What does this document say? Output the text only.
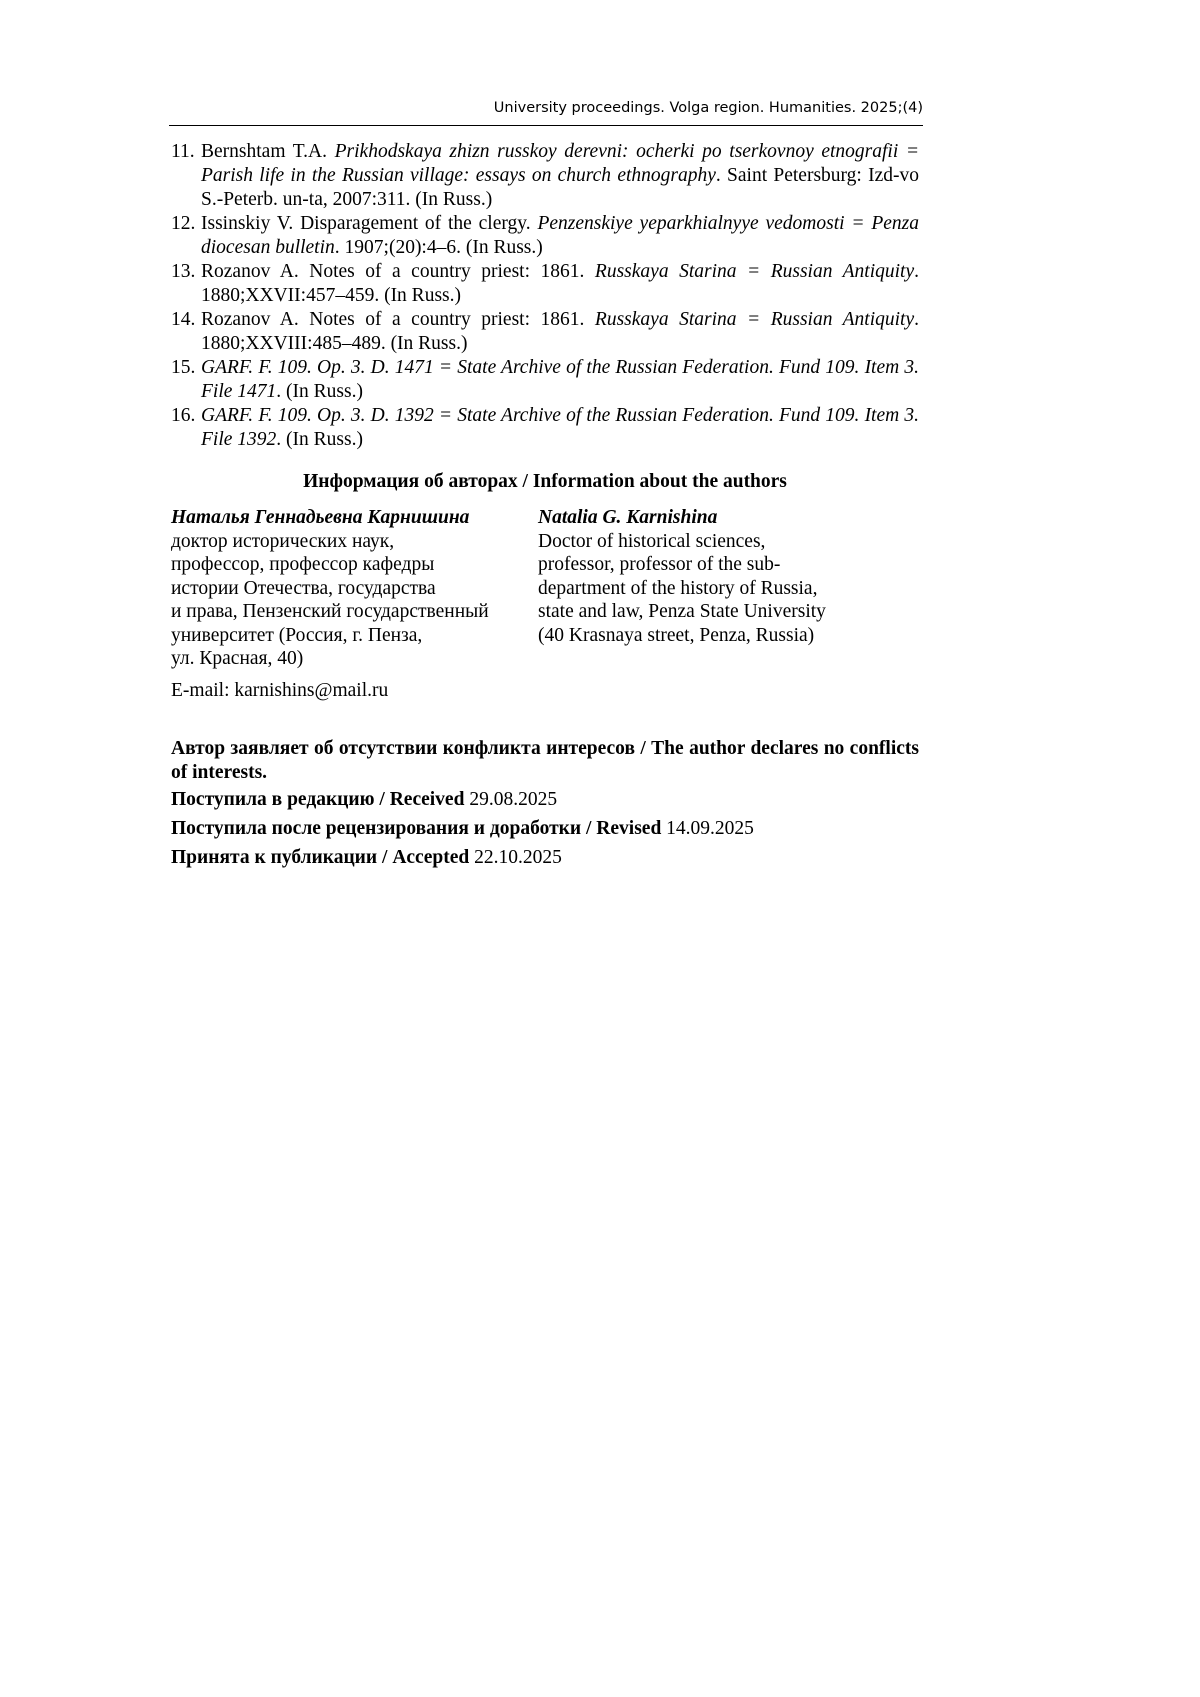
University proceedings. Volga region. Humanities. 2025;(4)
11. Bernshtam T.A. Prikhodskaya zhizn russkoy derevni: ocherki po tserkovnoy etnografii = Parish life in the Russian village: essays on church ethnography. Saint Petersburg: Izd-vo S.-Peterb. un-ta, 2007:311. (In Russ.)
12. Issinskiy V. Disparagement of the clergy. Penzenskiye yeparkhialnyye vedomosti = Penza diocesan bulletin. 1907;(20):4–6. (In Russ.)
13. Rozanov A. Notes of a country priest: 1861. Russkaya Starina = Russian Antiquity. 1880;XXVII:457–459. (In Russ.)
14. Rozanov A. Notes of a country priest: 1861. Russkaya Starina = Russian Antiquity. 1880;XXVIII:485–489. (In Russ.)
15. GARF. F. 109. Op. 3. D. 1471 = State Archive of the Russian Federation. Fund 109. Item 3. File 1471. (In Russ.)
16. GARF. F. 109. Op. 3. D. 1392 = State Archive of the Russian Federation. Fund 109. Item 3. File 1392. (In Russ.)
Информация об авторах / Information about the authors
Наталья Геннадьевна Карнишина
доктор исторических наук,
профессор, профессор кафедры
истории Отечества, государства
и права, Пензенский государственный
университет (Россия, г. Пенза,
ул. Красная, 40)
Natalia G. Karnishina
Doctor of historical sciences,
professor, professor of the sub-
department of the history of Russia,
state and law, Penza State University
(40 Krasnaya street, Penza, Russia)
E-mail: karnishins@mail.ru
Автор заявляет об отсутствии конфликта интересов / The author declares no conflicts of interests.
Поступила в редакцию / Received 29.08.2025
Поступила после рецензирования и доработки / Revised 14.09.2025
Принята к публикации / Accepted 22.10.2025
